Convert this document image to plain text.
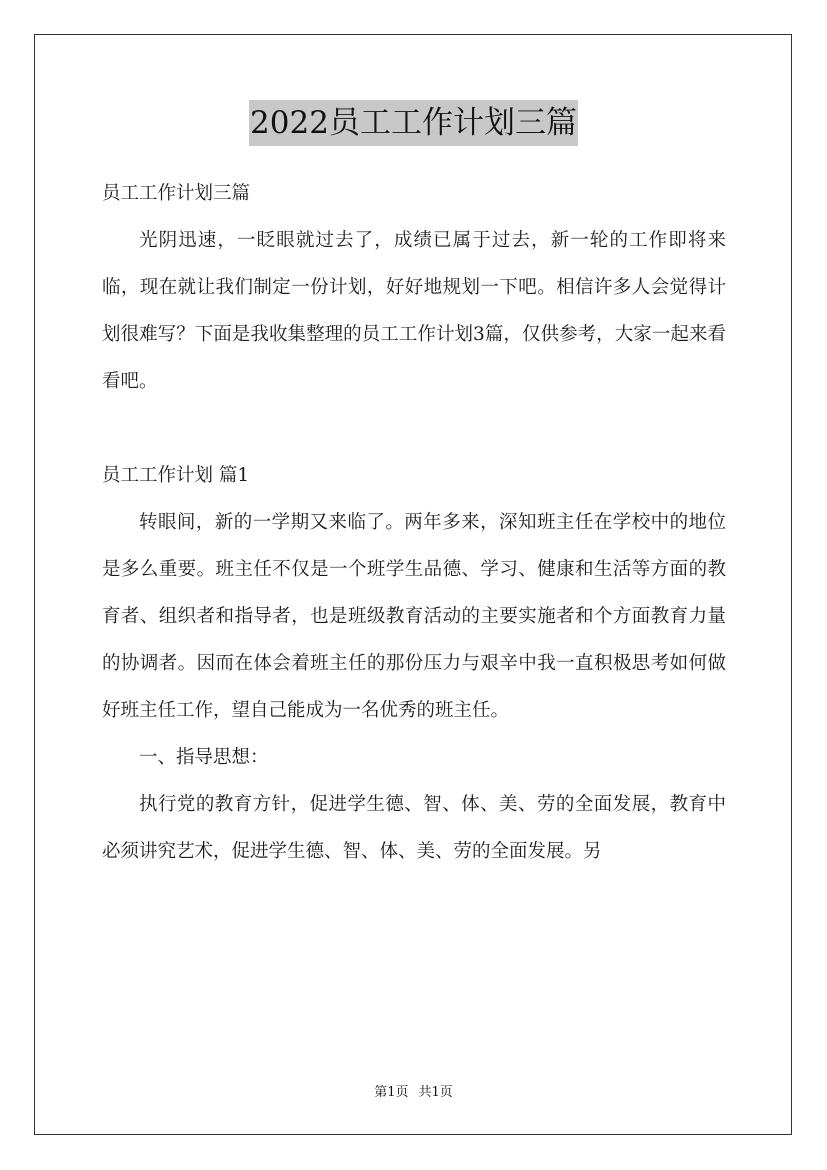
2022员工工作计划三篇

员工工作计划三篇

光阴迅速，一眨眼就过去了，成绩已属于过去，新一轮的工作即将来临，现在就让我们制定一份计划，好好地规划一下吧。相信许多人会觉得计划很难写？下面是我收集整理的员工工作计划3篇，仅供参考，大家一起来看看吧。

员工工作计划 篇1

转眼间，新的一学期又来临了。两年多来，深知班主任在学校中的地位是多么重要。班主任不仅是一个班学生品德、学习、健康和生活等方面的教育者、组织者和指导者，也是班级教育活动的主要实施者和个方面教育力量的协调者。因而在体会着班主任的那份压力与艰辛中我一直积极思考如何做好班主任工作，望自己能成为一名优秀的班主任。

一、指导思想：

执行党的教育方针，促进学生德、智、体、美、劳的全面发展，教育中必须讲究艺术，促进学生德、智、体、美、劳的全面发展。另

第1页 共1页
